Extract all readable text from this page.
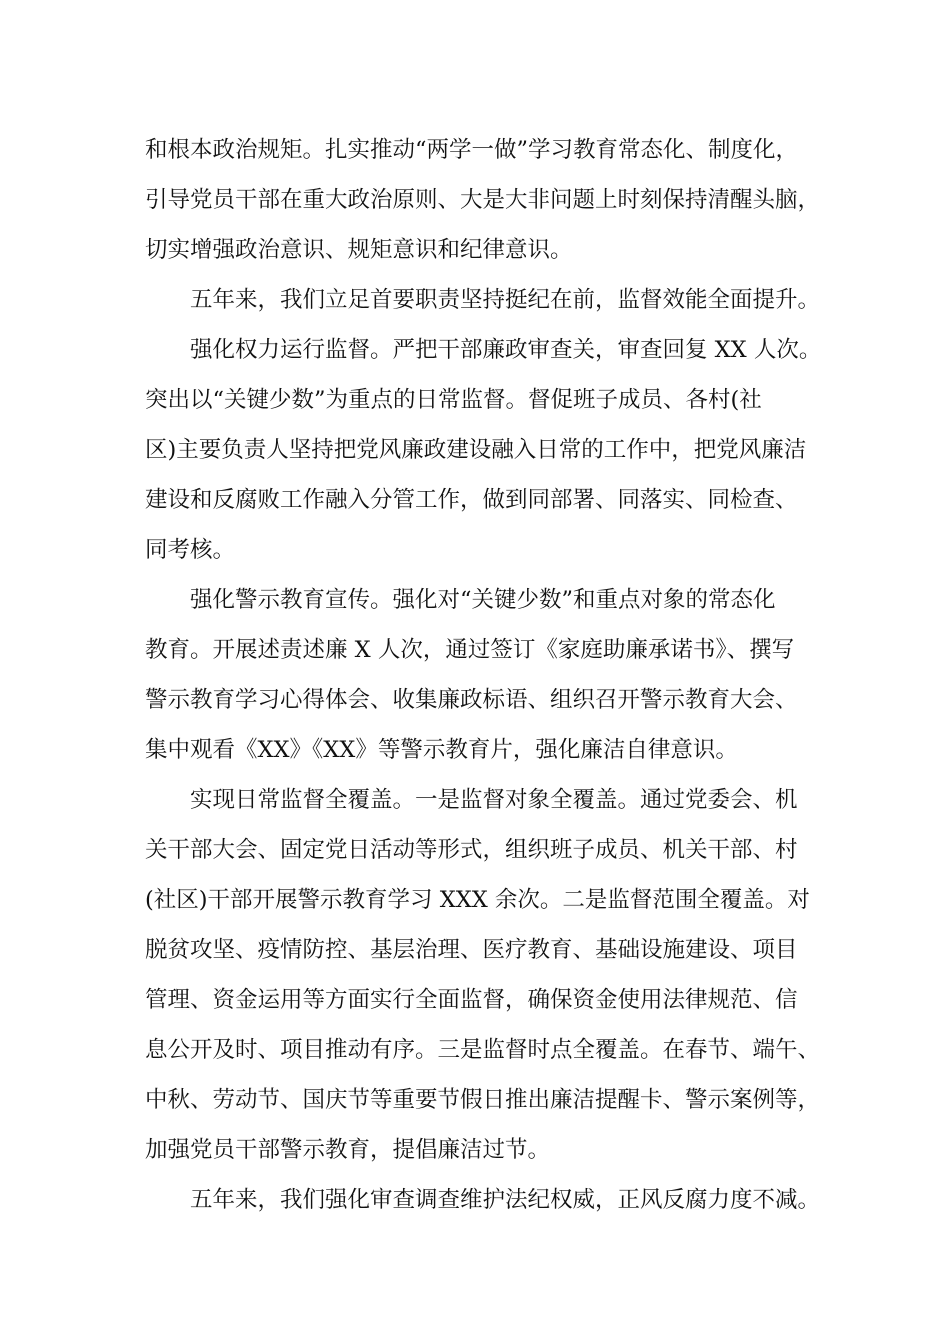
和根本政治规矩。扎实推动“两学一做”学习教育常态化、制度化，
引导党员干部在重大政治原则、大是大非问题上时刻保持清醒头脑，
切实增强政治意识、规矩意识和纪律意识。
五年来，我们立足首要职责坚持挺纪在前，监督效能全面提升。
强化权力运行监督。严把干部廉政审查关，审查回复 XX 人次。
突出以“关键少数”为重点的日常监督。督促班子成员、各村(社
区)主要负责人坚持把党风廉政建设融入日常的工作中，把党风廉洁
建设和反腐败工作融入分管工作，做到同部署、同落实、同检查、
同考核。
强化警示教育宣传。强化对“关键少数”和重点对象的常态化
教育。开展述责述廉 X 人次，通过签订《家庭助廉承诺书》、撰写
警示教育学习心得体会、收集廉政标语、组织召开警示教育大会、
集中观看《XX》《XX》等警示教育片，强化廉洁自律意识。
实现日常监督全覆盖。一是监督对象全覆盖。通过党委会、机
关干部大会、固定党日活动等形式，组织班子成员、机关干部、村
(社区)干部开展警示教育学习 XXX 余次。二是监督范围全覆盖。对
脱贫攻坚、疫情防控、基层治理、医疗教育、基础设施建设、项目
管理、资金运用等方面实行全面监督，确保资金使用法律规范、信
息公开及时、项目推动有序。三是监督时点全覆盖。在春节、端午、
中秋、劳动节、国庆节等重要节假日推出廉洁提醒卡、警示案例等，
加强党员干部警示教育，提倡廉洁过节。
五年来，我们强化审查调查维护法纪权威，正风反腐力度不减。
